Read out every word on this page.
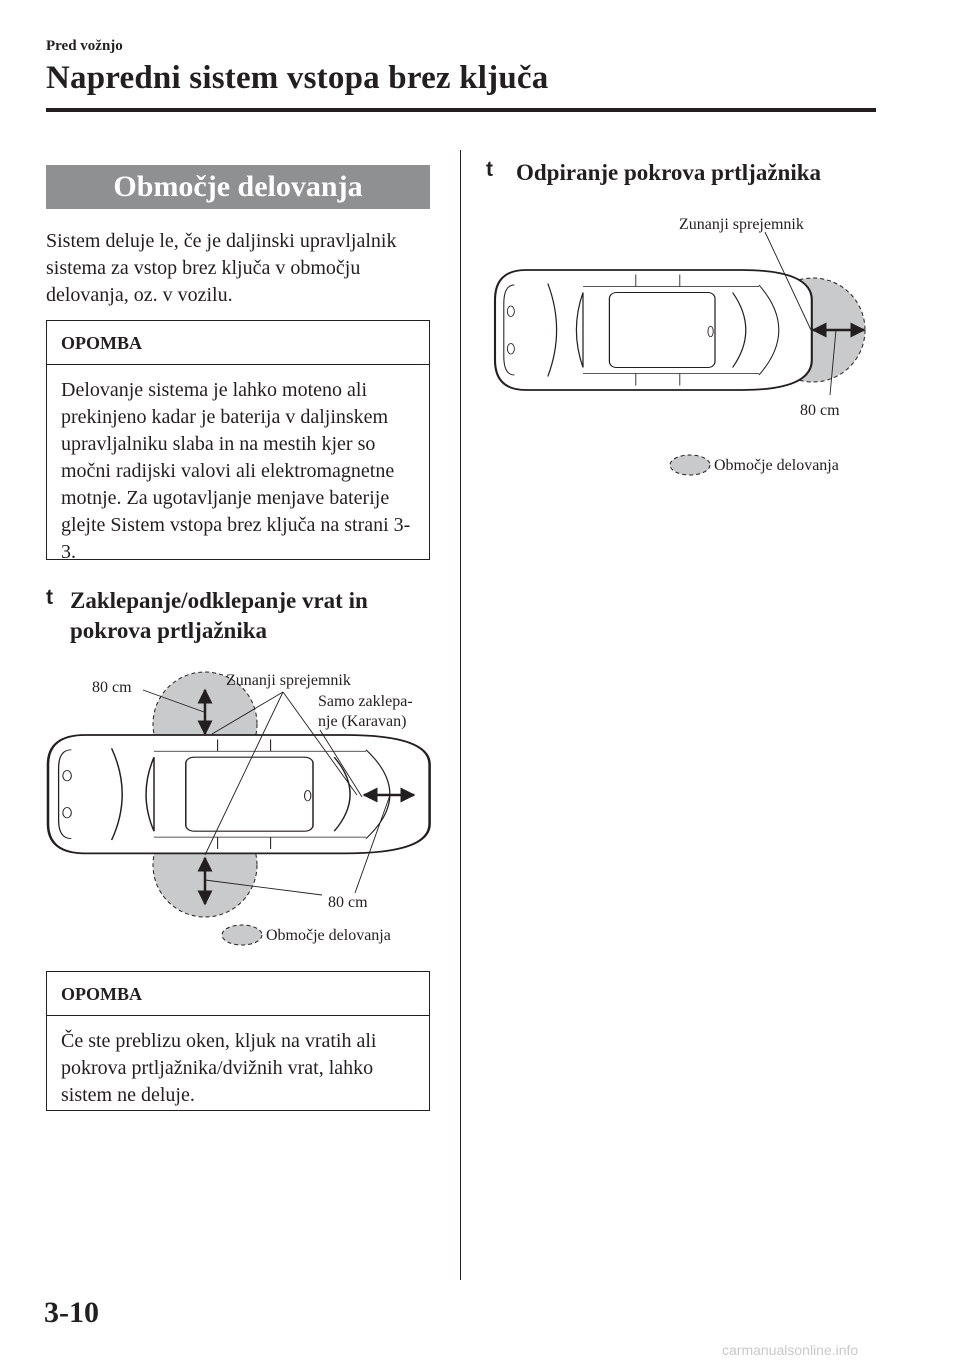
Pred vožnjo
Napredni sistem vstopa brez ključa
Območje delovanja
Sistem deluje le, če je daljinski upravljalnik sistema za vstop brez ključa v območju delovanja, oz. v vozilu.
OPOMBA
Delovanje sistema je lahko moteno ali prekinjeno kadar je baterija v daljinskem upravljalniku slaba in na mestih kjer so močni radijski valovi ali elektromagnetne motnje. Za ugotavljanje menjave baterije glejte Sistem vstopa brez ključa na strani 3-3.
t Zaklepanje/odklepanje vrat in pokrova prtljažnika
OPOMBA
Če ste preblizu oken, kljuk na vratih ali pokrova prtljažnika/dvižnih vrat, lahko sistem ne deluje.
t Odpiranje pokrova prtljažnika
80 cm	Zunanji sprejemnik
Samo zaklepa-
nje (Karavan)
80 cm
Območje delovanja
Zunanji sprejemnik
80 cm
Območje delovanja
3-10
carmanualsonline.info
